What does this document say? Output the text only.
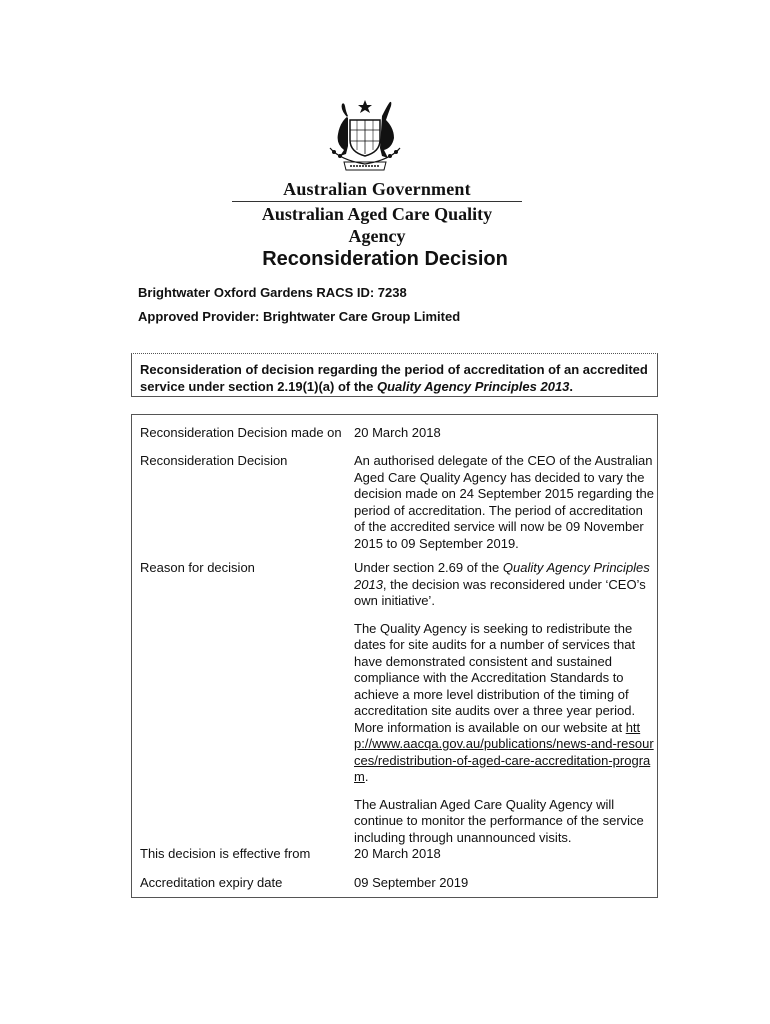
Australian Government
Australian Aged Care Quality Agency
Reconsideration Decision
Brightwater Oxford Gardens RACS ID: 7238
Approved Provider: Brightwater Care Group Limited
Reconsideration of decision regarding the period of accreditation of an accredited service under section 2.19(1)(a) of the Quality Agency Principles 2013.
Reconsideration Decision made on 20 March 2018
Reconsideration Decision	An authorised delegate of the CEO of the Australian Aged Care Quality Agency has decided to vary the decision made on 24 September 2015 regarding the period of accreditation. The period of accreditation of the accredited service will now be 09 November 2015 to 09 September 2019.
Reason for decision	Under section 2.69 of the Quality Agency Principles 2013, the decision was reconsidered under ‘CEO’s own initiative’.

The Quality Agency is seeking to redistribute the dates for site audits for a number of services that have demonstrated consistent and sustained compliance with the Accreditation Standards to achieve a more level distribution of the timing of accreditation site audits over a three year period. More information is available on our website at http://www.aacqa.gov.au/publications/news-and-resources/redistribution-of-aged-care-accreditation-program.

The Australian Aged Care Quality Agency will continue to monitor the performance of the service including through unannounced visits.

This decision is effective from	20 March 2018
Accreditation expiry date	09 September 2019
